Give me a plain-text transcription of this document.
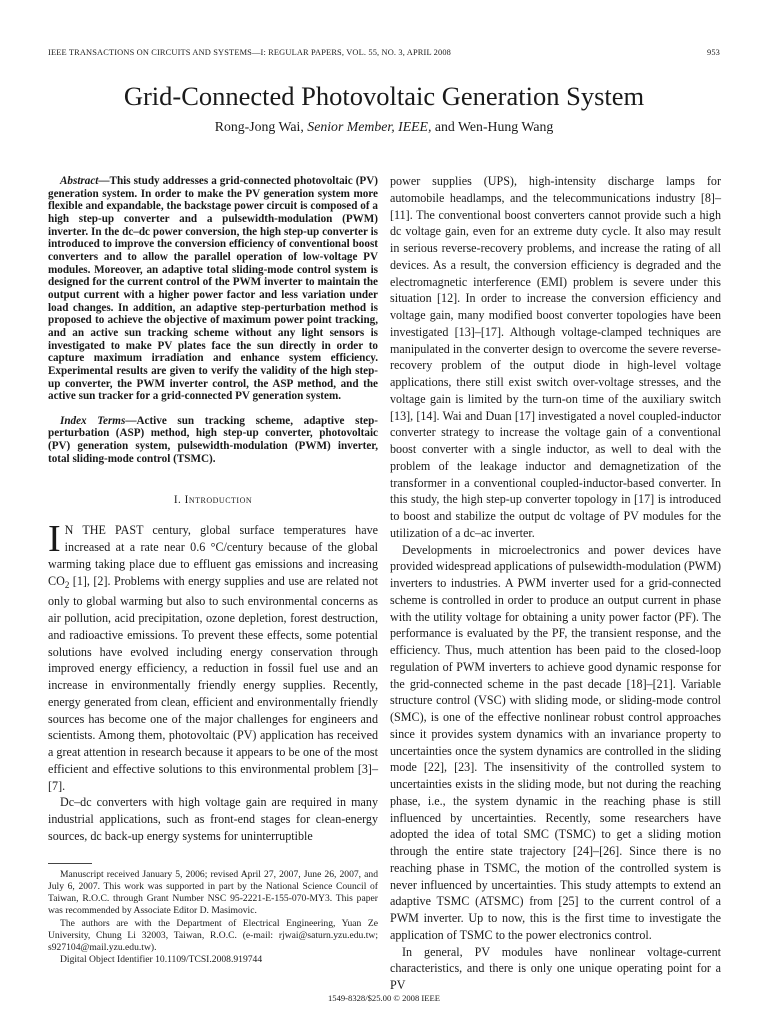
IEEE TRANSACTIONS ON CIRCUITS AND SYSTEMS—I: REGULAR PAPERS, VOL. 55, NO. 3, APRIL 2008	953
Grid-Connected Photovoltaic Generation System
Rong-Jong Wai, Senior Member, IEEE, and Wen-Hung Wang

Abstract—This study addresses a grid-connected photovoltaic (PV) generation system. In order to make the PV generation system more flexible and expandable, the backstage power circuit is composed of a high step-up converter and a pulsewidth-modulation (PWM) inverter. In the dc–dc power conversion, the high step-up converter is introduced to improve the conversion efficiency of conventional boost converters and to allow the parallel operation of low-voltage PV modules. Moreover, an adaptive total sliding-mode control system is designed for the current control of the PWM inverter to maintain the output current with a higher power factor and less variation under load changes. In addition, an adaptive step-perturbation method is proposed to achieve the objective of maximum power point tracking, and an active sun tracking scheme without any light sensors is investigated to make PV plates face the sun directly in order to capture maximum irradiation and enhance system efficiency. Experimental results are given to verify the validity of the high step-up converter, the PWM inverter control, the ASP method, and the active sun tracker for a grid-connected PV generation system.

Index Terms—Active sun tracking scheme, adaptive step-perturbation (ASP) method, high step-up converter, photovoltaic (PV) generation system, pulsewidth-modulation (PWM) inverter, total sliding-mode control (TSMC).

I. Introduction

I N THE PAST century, global surface temperatures have increased at a rate near 0.6 °C/century because of the global warming taking place due to effluent gas emissions and increasing $CO_2$ [1], [2]. Problems with energy supplies and use are related not only to global warming but also to such environmental concerns as air pollution, acid precipitation, ozone depletion, forest destruction, and radioactive emissions. To prevent these effects, some potential solutions have evolved including energy conservation through improved energy efficiency, a reduction in fossil fuel use and an increase in environmentally friendly energy supplies. Recently, energy generated from clean, efficient and environmentally friendly sources has become one of the major challenges for engineers and scientists. Among them, photovoltaic (PV) application has received a great attention in research because it appears to be one of the most efficient and effective solutions to this environmental problem [3]–[7].

Dc–dc converters with high voltage gain are required in many industrial applications, such as front-end stages for clean-energy sources, dc back-up energy systems for uninterruptible

Manuscript received January 5, 2006; revised April 27, 2007, June 26, 2007, and July 6, 2007. This work was supported in part by the National Science Council of Taiwan, R.O.C. through Grant Number NSC 95-2221-E-155-070-MY3. This paper was recommended by Associate Editor D. Masimovic.

The authors are with the Department of Electrical Engineering, Yuan Ze University, Chung Li 32003, Taiwan, R.O.C. (e-mail: rjwai@saturn.yzu.edu.tw; s927104@mail.yzu.edu.tw).

Digital Object Identifier 10.1109/TCSI.2008.919744

power supplies (UPS), high-intensity discharge lamps for automobile headlamps, and the telecommunications industry [8]–[11]. The conventional boost converters cannot provide such a high dc voltage gain, even for an extreme duty cycle. It also may result in serious reverse-recovery problems, and increase the rating of all devices. As a result, the conversion efficiency is degraded and the electromagnetic interference (EMI) problem is severe under this situation [12]. In order to increase the conversion efficiency and voltage gain, many modified boost converter topologies have been investigated [13]–[17]. Although voltage-clamped techniques are manipulated in the converter design to overcome the severe reverse-recovery problem of the output diode in high-level voltage applications, there still exist switch over-voltage stresses, and the voltage gain is limited by the turn-on time of the auxiliary switch [13], [14]. Wai and Duan [17] investigated a novel coupled-inductor converter strategy to increase the voltage gain of a conventional boost converter with a single inductor, as well to deal with the problem of the leakage inductor and demagnetization of the transformer in a conventional coupled-inductor-based converter. In this study, the high step-up converter topology in [17] is introduced to boost and stabilize the output dc voltage of PV modules for the utilization of a dc–ac inverter.

Developments in microelectronics and power devices have provided widespread applications of pulsewidth-modulation (PWM) inverters to industries. A PWM inverter used for a grid-connected scheme is controlled in order to produce an output current in phase with the utility voltage for obtaining a unity power factor (PF). The performance is evaluated by the PF, the transient response, and the efficiency. Thus, much attention has been paid to the closed-loop regulation of PWM inverters to achieve good dynamic response for the grid-connected scheme in the past decade [18]–[21]. Variable structure control (VSC) with sliding mode, or sliding-mode control (SMC), is one of the effective nonlinear robust control approaches since it provides system dynamics with an invariance property to uncertainties once the system dynamics are controlled in the sliding mode [22], [23]. The insensitivity of the controlled system to uncertainties exists in the sliding mode, but not during the reaching phase, i.e., the system dynamic in the reaching phase is still influenced by uncertainties. Recently, some researchers have adopted the idea of total SMC (TSMC) to get a sliding motion through the entire state trajectory [24]–[26]. Since there is no reaching phase in TSMC, the motion of the controlled system is never influenced by uncertainties. This study attempts to extend an adaptive TSMC (ATSMC) from [25] to the current control of a PWM inverter. Up to now, this is the first time to investigate the application of TSMC to the power electronics control.

In general, PV modules have nonlinear voltage-current characteristics, and there is only one unique operating point for a PV

1549-8328/$25.00 © 2008 IEEE
